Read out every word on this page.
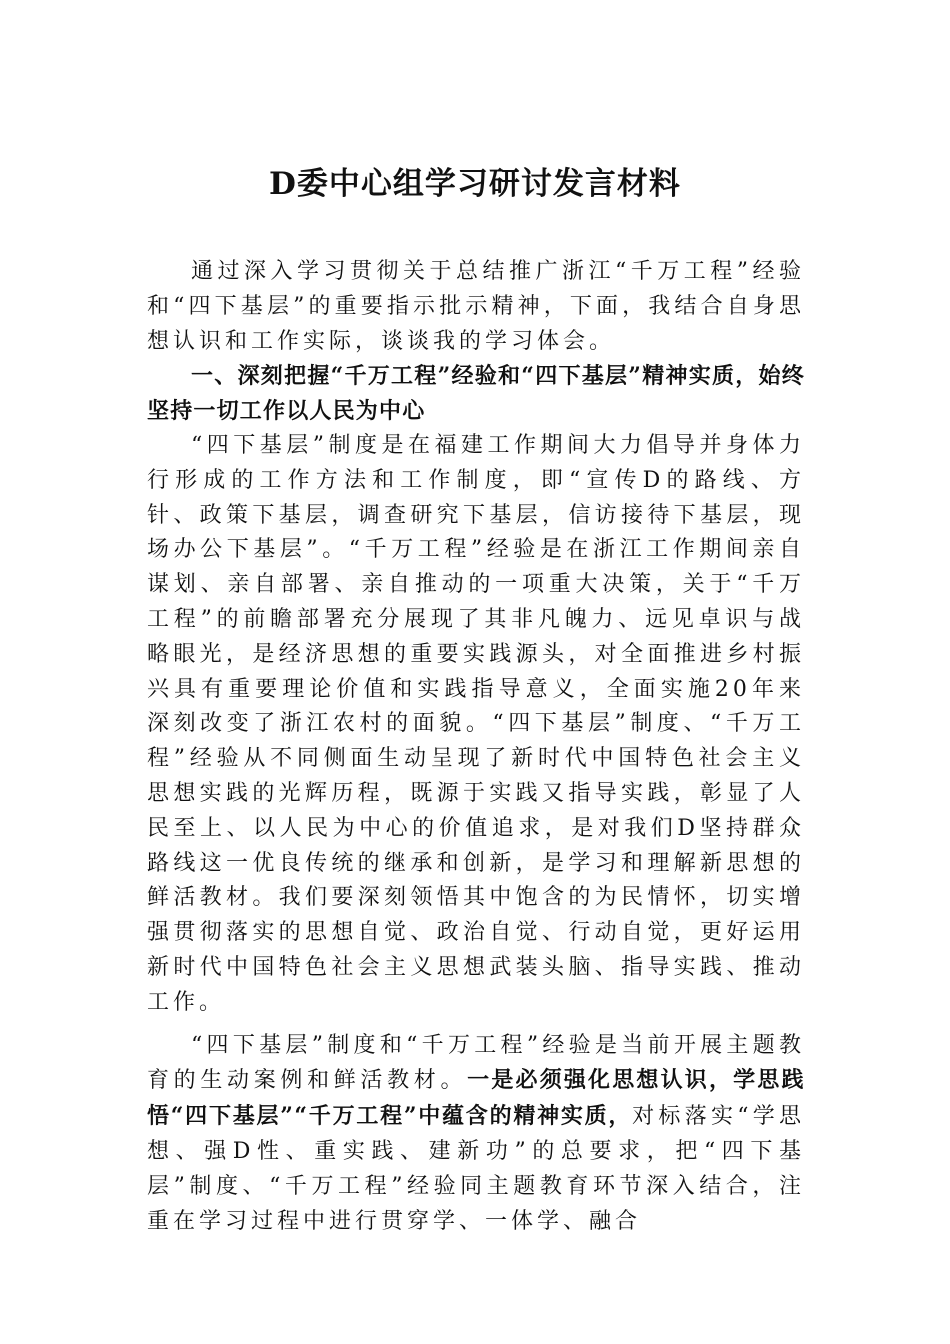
D委中心组学习研讨发言材料

通过深入学习贯彻关于总结推广浙江“千万工程”经验和“四下基层”的重要指示批示精神，下面，我结合自身思想认识和工作实际，谈谈我的学习体会。

一、深刻把握“千万工程”经验和“四下基层”精神实质，始终坚持一切工作以人民为中心

“四下基层”制度是在福建工作期间大力倡导并身体力行形成的工作方法和工作制度，即“宣传D的路线、方针、政策下基层，调查研究下基层，信访接待下基层，现场办公下基层”。“千万工程”经验是在浙江工作期间亲自谋划、亲自部署、亲自推动的一项重大决策，关于“千万工程”的前瞻部署充分展现了其非凡魄力、远见卓识与战略眼光，是经济思想的重要实践源头，对全面推进乡村振兴具有重要理论价值和实践指导意义，全面实施20年来深刻改变了浙江农村的面貌。“四下基层”制度、“千万工程”经验从不同侧面生动呈现了新时代中国特色社会主义思想实践的光辉历程，既源于实践又指导实践，彰显了人民至上、以人民为中心的价值追求，是对我们D坚持群众路线这一优良传统的继承和创新，是学习和理解新思想的鲜活教材。我们要深刻领悟其中饱含的为民情怀，切实增强贯彻落实的思想自觉、政治自觉、行动自觉，更好运用新时代中国特色社会主义思想武装头脑、指导实践、推动工作。

“四下基层”制度和“千万工程”经验是当前开展主题教育的生动案例和鲜活教材。一是必须强化思想认识，学思践悟“四下基层”“千万工程”中蕴含的精神实质，对标落实“学思想、强D性、重实践、建新功”的总要求，把“四下基层”制度、“千万工程”经验同主题教育环节深入结合，注重在学习过程中进行贯穿学、一体学、融合
